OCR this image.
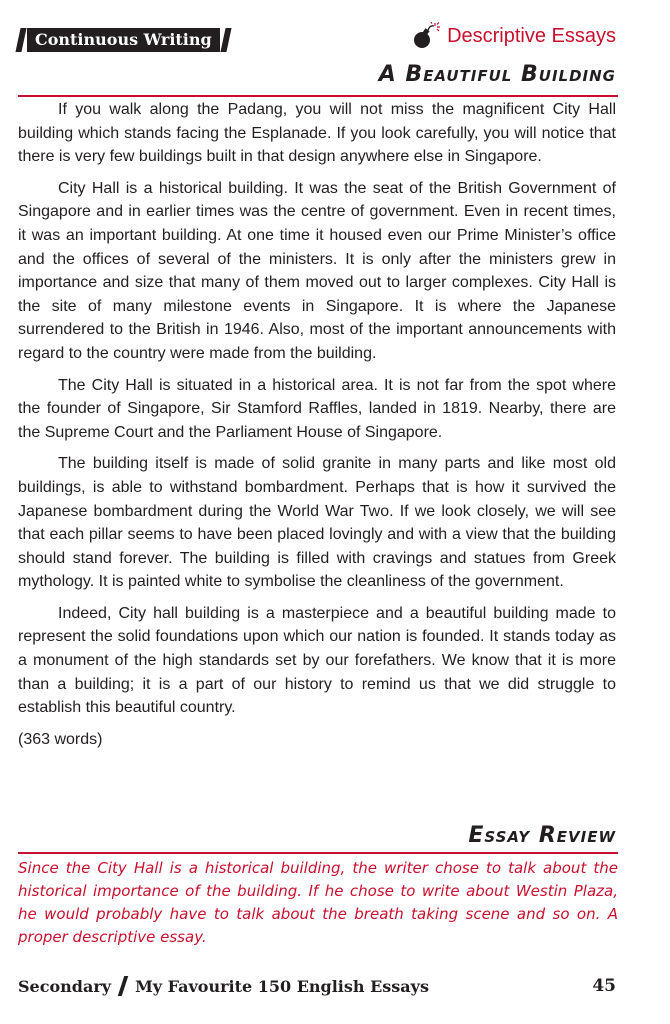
Continuous Writing	Descriptive Essays
A Beautiful Building

If you walk along the Padang, you will not miss the magnificent City Hall building which stands facing the Esplanade. If you look carefully, you will notice that there is very few buildings built in that design anywhere else in Singapore.

City Hall is a historical building. It was the seat of the British Government of Singapore and in earlier times was the centre of government. Even in recent times, it was an important building. At one time it housed even our Prime Minister’s office and the offices of several of the ministers. It is only after the ministers grew in importance and size that many of them moved out to larger complexes. City Hall is the site of many milestone events in Singapore. It is where the Japanese surrendered to the British in 1946. Also, most of the important announcements with regard to the country were made from the building.

The City Hall is situated in a historical area. It is not far from the spot where the founder of Singapore, Sir Stamford Raffles, landed in 1819. Nearby, there are the Supreme Court and the Parliament House of Singapore.

The building itself is made of solid granite in many parts and like most old buildings, is able to withstand bombardment. Perhaps that is how it survived the Japanese bombardment during the World War Two. If we look closely, we will see that each pillar seems to have been placed lovingly and with a view that the building should stand forever. The building is filled with cravings and statues from Greek mythology. It is painted white to symbolise the cleanliness of the government.

Indeed, City hall building is a masterpiece and a beautiful building made to represent the solid foundations upon which our nation is founded. It stands today as a monument of the high standards set by our forefathers. We know that it is more than a building; it is a part of our history to remind us that we did struggle to establish this beautiful country.

(363 words)

Essay Review
Since the City Hall is a historical building, the writer chose to talk about the historical importance of the building. If he chose to write about Westin Plaza, he would probably have to talk about the breath taking scene and so on. A proper descriptive essay.
Secondary My Favourite 150 English Essays	45
